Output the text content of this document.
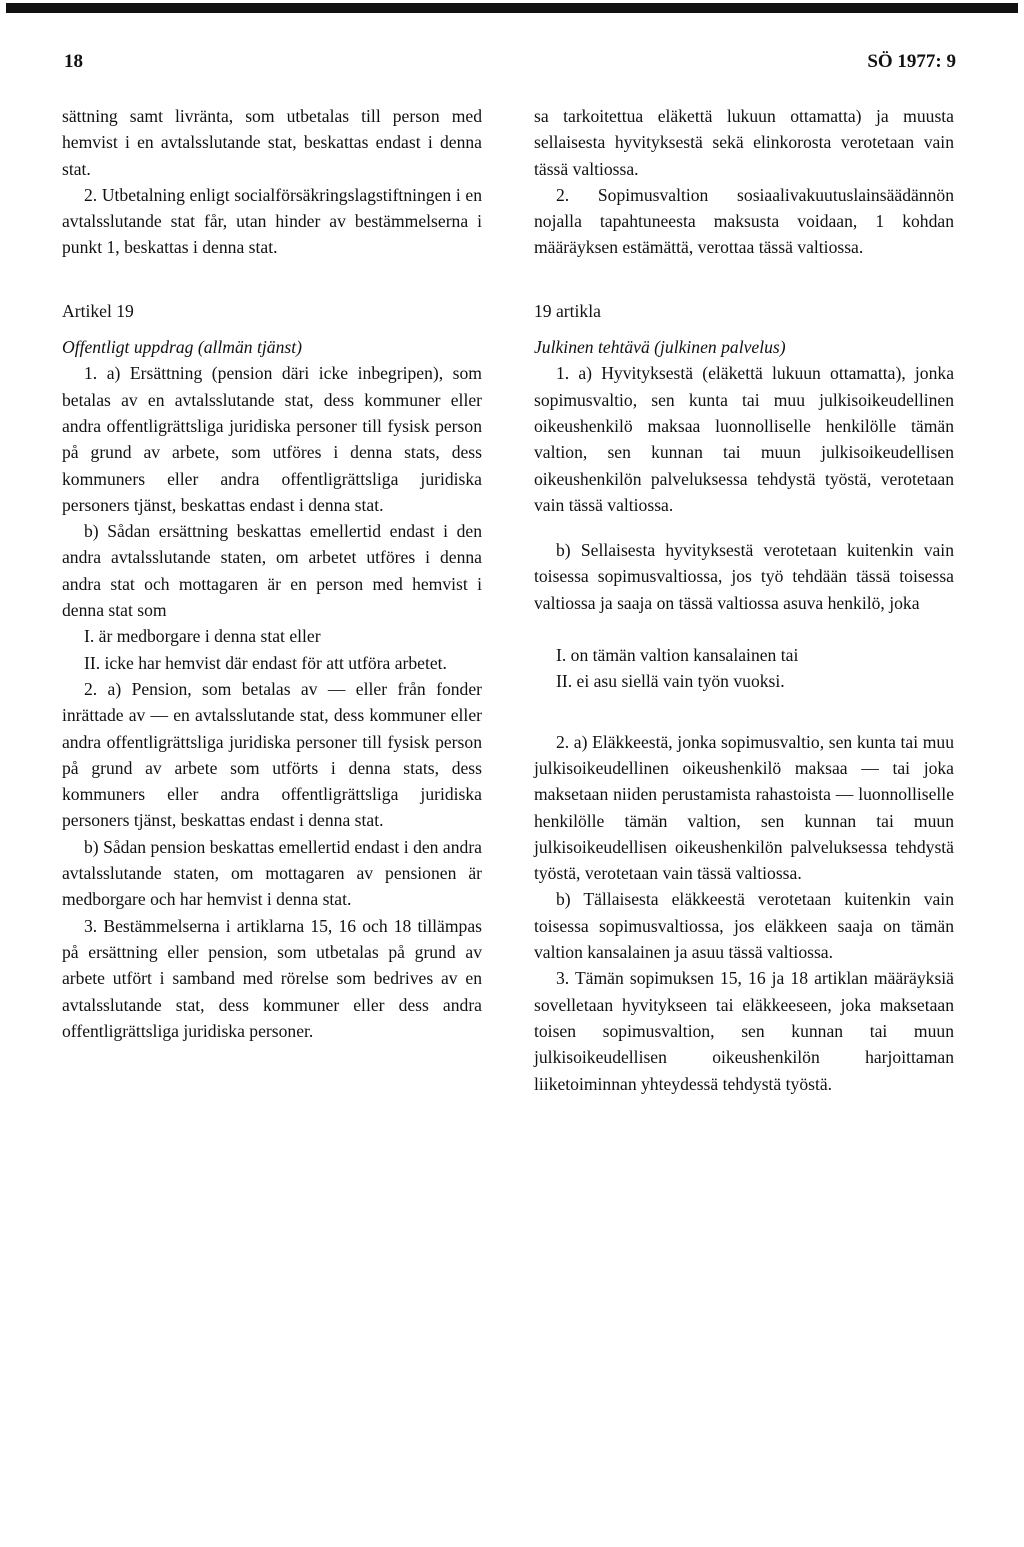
18	SÖ 1977: 9

sättning samt livränta, som utbetalas till person med hemvist i en avtalsslutande stat, beskattas endast i denna stat.

2. Utbetalning enligt socialförsäkringslagstiftningen i en avtalsslutande stat får, utan hinder av bestämmelserna i punkt 1, beskattas i denna stat.

Artikel 19

Offentligt uppdrag (allmän tjänst)

1. a) Ersättning (pension däri icke inbegripen), som betalas av en avtalsslutande stat, dess kommuner eller andra offentligrättsliga juridiska personer till fysisk person på grund av arbete, som utföres i denna stats, dess kommuners eller andra offentligrättsliga juridiska personers tjänst, beskattas endast i denna stat.

b) Sådan ersättning beskattas emellertid endast i den andra avtalsslutande staten, om arbetet utföres i denna andra stat och mottagaren är en person med hemvist i denna stat som

I. är medborgare i denna stat eller

II. icke har hemvist där endast för att utföra arbetet.

2. a) Pension, som betalas av — eller från fonder inrättade av — en avtalsslutande stat, dess kommuner eller andra offentligrättsliga juridiska personer till fysisk person på grund av arbete som utförts i denna stats, dess kommuners eller andra offentligrättsliga juridiska personers tjänst, beskattas endast i denna stat.

b) Sådan pension beskattas emellertid endast i den andra avtalsslutande staten, om mottagaren av pensionen är medborgare och har hemvist i denna stat.

3. Bestämmelserna i artiklarna 15, 16 och 18 tillämpas på ersättning eller pension, som utbetalas på grund av arbete utfört i samband med rörelse som bedrives av en avtalsslutande stat, dess kommuner eller dess andra offentligrättsliga juridiska personer.

sa tarkoitettua eläkettä lukuun ottamatta) ja muusta sellaisesta hyvityksestä sekä elinkorosta verotetaan vain tässä valtiossa.

2. Sopimusvaltion sosiaalivakuutuslainsäädännön nojalla tapahtuneesta maksusta voidaan, 1 kohdan määräyksen estämättä, verottaa tässä valtiossa.

19 artikla

Julkinen tehtävä (julkinen palvelus)

1. a) Hyvityksestä (eläkettä lukuun ottamatta), jonka sopimusvaltio, sen kunta tai muu julkisoikeudellinen oikeushenkilö maksaa luonnolliselle henkilölle tämän valtion, sen kunnan tai muun julkisoikeudellisen oikeushenkilön palveluksessa tehdystä työstä, verotetaan vain tässä valtiossa.

b) Sellaisesta hyvityksestä verotetaan kuitenkin vain toisessa sopimusvaltiossa, jos työ tehdään tässä toisessa valtiossa ja saaja on tässä valtiossa asuva henkilö, joka

I. on tämän valtion kansalainen tai

II. ei asu siellä vain työn vuoksi.

2. a) Eläkkeestä, jonka sopimusvaltio, sen kunta tai muu julkisoikeudellinen oikeushenkilö maksaa — tai joka maksetaan niiden perustamista rahastoista — luonnolliselle henkilölle tämän valtion, sen kunnan tai muun julkisoikeudellisen oikeushenkilön palveluksessa tehdystä työstä, verotetaan vain tässä valtiossa.

b) Tällaisesta eläkkeestä verotetaan kuitenkin vain toisessa sopimusvaltiossa, jos eläkkeen saaja on tämän valtion kansalainen ja asuu tässä valtiossa.

3. Tämän sopimuksen 15, 16 ja 18 artiklan määräyksiä sovelletaan hyvitykseen tai eläkkeeseen, joka maksetaan toisen sopimusvaltion, sen kunnan tai muun julkisoikeudellisen oikeushenkilön harjoittaman liiketoiminnan yhteydessä tehdystä työstä.
